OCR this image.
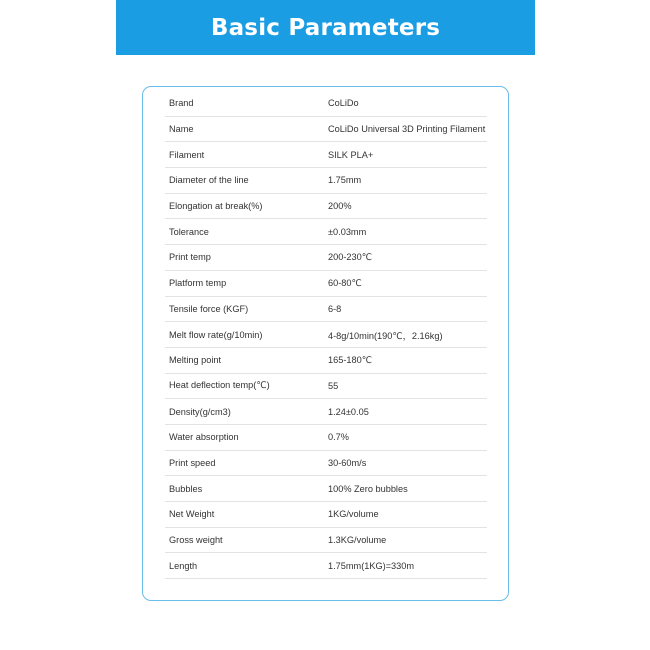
Basic Parameters
Brand	CoLiDo
Name	CoLiDo Universal 3D Printing Filament
Filament	SILK PLA+
Diameter of the line	1.75mm
Elongation at break(%)	200%
Tolerance	±0.03mm
Print temp	200-230℃
Platform temp	60-80℃
Tensile force (KGF)	6-8
Melt flow rate(g/10min)	4-8g/10min(190℃，2.16kg)
Melting point	165-180℃
Heat deflection temp(℃)	55
Density(g/cm3)	1.24±0.05
Water absorption	0.7%
Print speed	30-60m/s
Bubbles	100% Zero bubbles
Net Weight	1KG/volume
Gross weight	1.3KG/volume
Length	1.75mm(1KG)=330m
